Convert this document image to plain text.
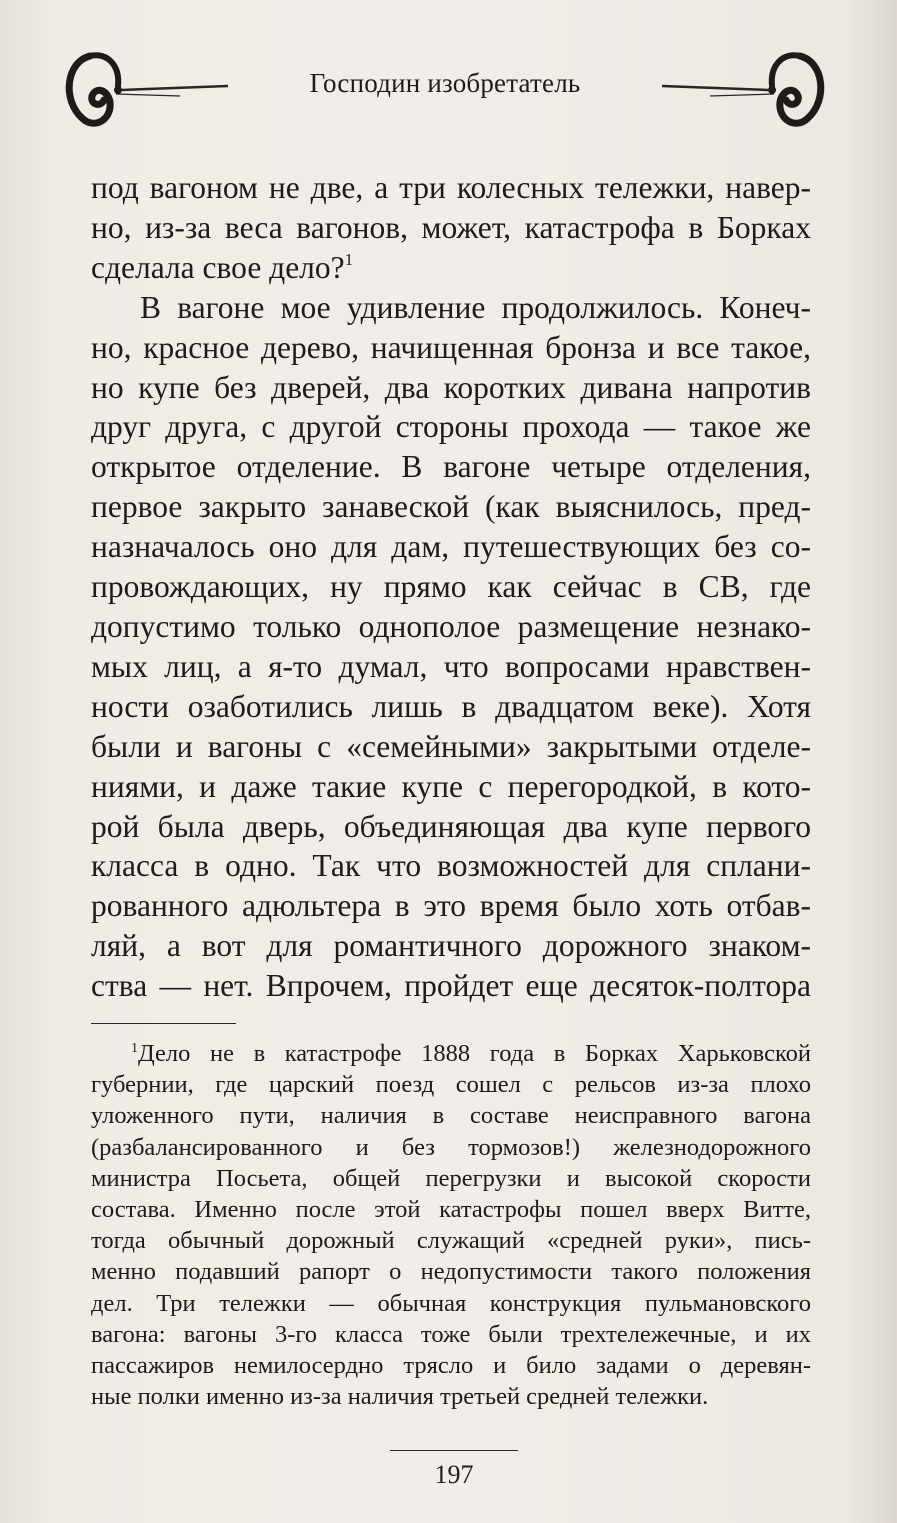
Господин изобретатель
под вагоном не две, а три колесных тележки, навер-
но, из-за веса вагонов, может, катастрофа в Борках
сделала свое дело?$^1$
В вагоне мое удивление продолжилось. Конеч-
но, красное дерево, начищенная бронза и все такое,
но купе без дверей, два коротких дивана напротив
друг друга, с другой стороны прохода — такое же
открытое отделение. В вагоне четыре отделения,
первое закрыто занавеской (как выяснилось, пред-
назначалось оно для дам, путешествующих без со-
провождающих, ну прямо как сейчас в СВ, где
допустимо только однополое размещение незнако-
мых лиц, а я-то думал, что вопросами нравствен-
ности озаботились лишь в двадцатом веке). Хотя
были и вагоны с «семейными» закрытыми отделе-
ниями, и даже такие купе с перегородкой, в кото-
рой была дверь, объединяющая два купе первого
класса в одно. Так что возможностей для сплани-
рованного адюльтера в это время было хоть отбав-
ляй, а вот для романтичного дорожного знаком-
ства — нет. Впрочем, пройдет еще десяток-полтора
$^1$Дело не в катастрофе 1888 года в Борках Харьковской
губернии, где царский поезд сошел с рельсов из-за плохо
уложенного пути, наличия в составе неисправного вагона
(разбалансированного и без тормозов!) железнодорожного
министра Посьета, общей перегрузки и высокой скорости
состава. Именно после этой катастрофы пошел вверх Витте,
тогда обычный дорожный служащий «средней руки», пись-
менно подавший рапорт о недопустимости такого положения
дел. Три тележки — обычная конструкция пульмановского
вагона: вагоны 3-го класса тоже были трехтележечные, и их
пассажиров немилосердно трясло и било задами о деревян-
ные полки именно из-за наличия третьей средней тележки.
197
